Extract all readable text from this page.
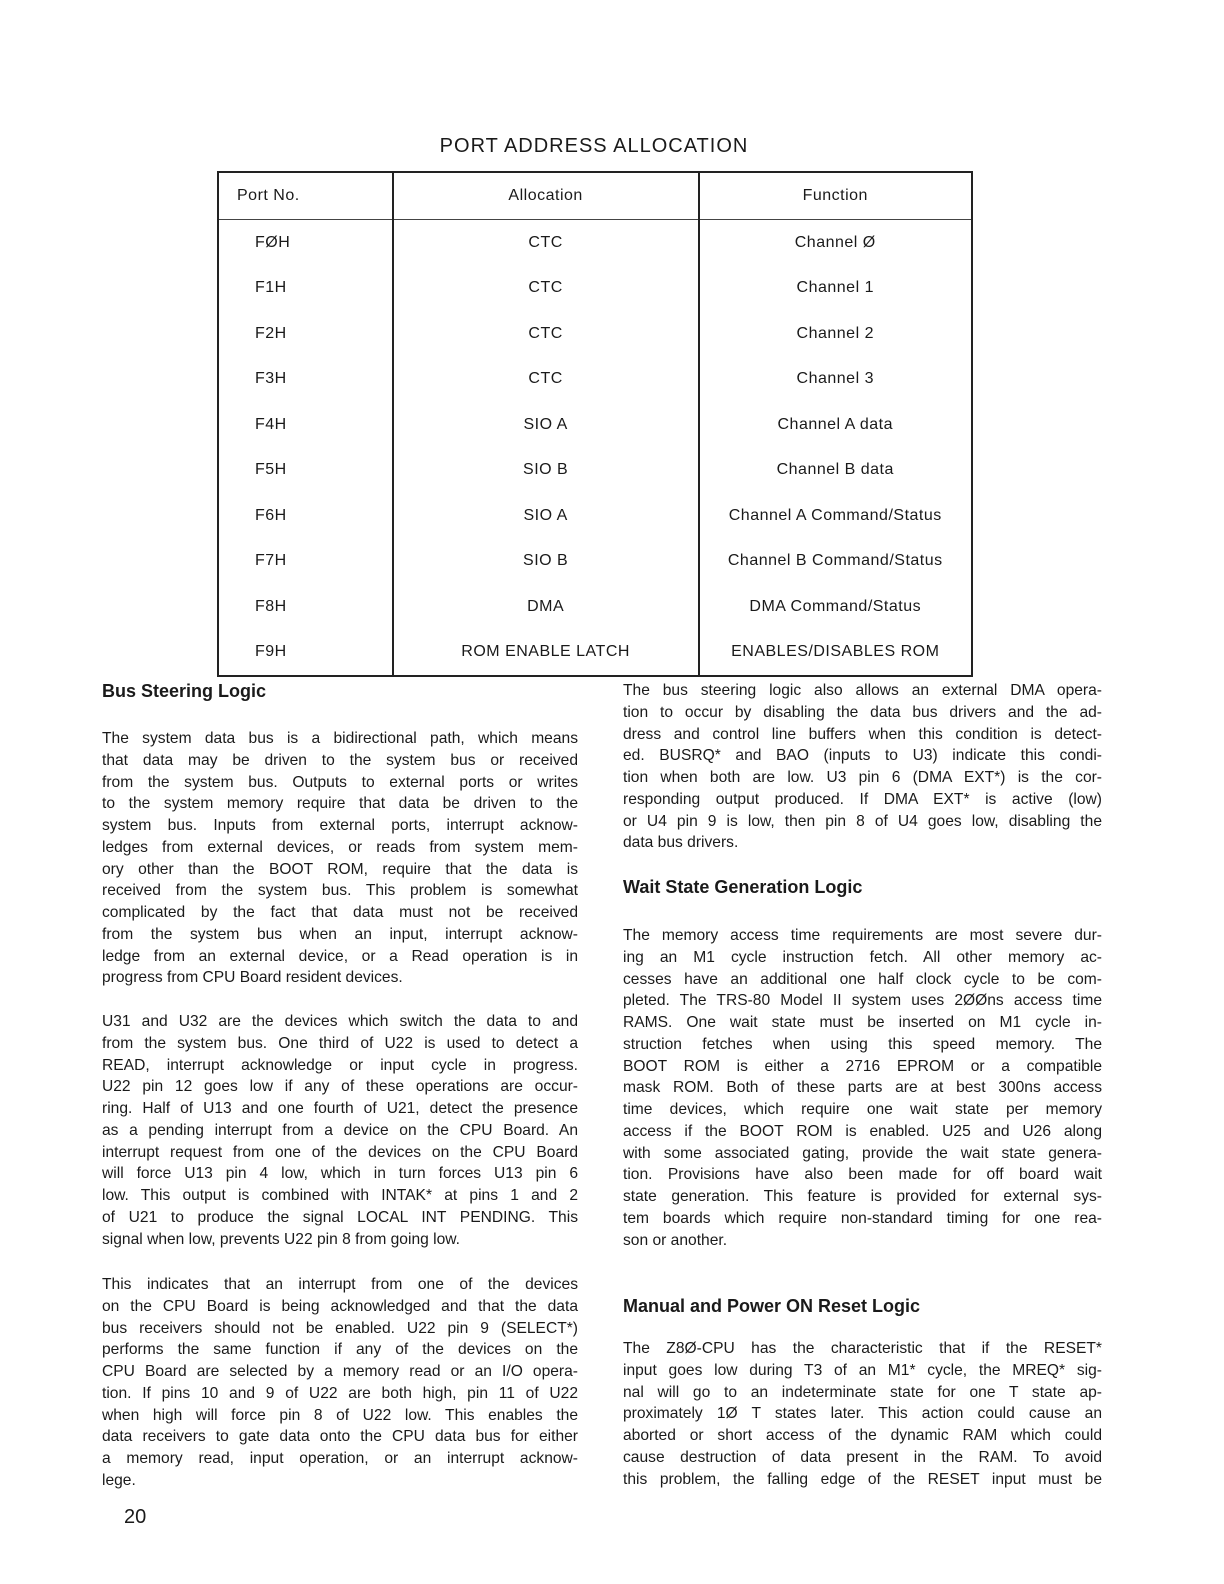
PORT ADDRESS ALLOCATION
Port No.	Allocation	Function
FØH	CTC	Channel Ø
F1H	CTC	Channel 1
F2H	CTC	Channel 2
F3H	CTC	Channel 3
F4H	SIO A	Channel A data
F5H	SIO B	Channel B data
F6H	SIO A	Channel A Command/Status
F7H	SIO B	Channel B Command/Status
F8H	DMA	DMA Command/Status
F9H	ROM ENABLE LATCH	ENABLES/DISABLES ROM
Bus Steering Logic
The system data bus is a bidirectional path, which means
that data may be driven to the system bus or received
from the system bus. Outputs to external ports or writes
to the system memory require that data be driven to the
system bus. Inputs from external ports, interrupt acknow-
ledges from external devices, or reads from system mem-
ory other than the BOOT ROM, require that the data is
received from the system bus. This problem is somewhat
complicated by the fact that data must not be received
from the system bus when an input, interrupt acknow-
ledge from an external device, or a Read operation is in
progress from CPU Board resident devices.
U31 and U32 are the devices which switch the data to and
from the system bus. One third of U22 is used to detect a
READ, interrupt acknowledge or input cycle in progress.
U22 pin 12 goes low if any of these operations are occur-
ring. Half of U13 and one fourth of U21, detect the presence
as a pending interrupt from a device on the CPU Board. An
interrupt request from one of the devices on the CPU Board
will force U13 pin 4 low, which in turn forces U13 pin 6
low. This output is combined with INTAK* at pins 1 and 2
of U21 to produce the signal LOCAL INT PENDING. This
signal when low, prevents U22 pin 8 from going low.
This indicates that an interrupt from one of the devices
on the CPU Board is being acknowledged and that the data
bus receivers should not be enabled. U22 pin 9 (SELECT*)
performs the same function if any of the devices on the
CPU Board are selected by a memory read or an I/O opera-
tion. If pins 10 and 9 of U22 are both high, pin 11 of U22
when high will force pin 8 of U22 low. This enables the
data receivers to gate data onto the CPU data bus for either
a memory read, input operation, or an interrupt acknow-
lege.
The bus steering logic also allows an external DMA opera-
tion to occur by disabling the data bus drivers and the ad-
dress and control line buffers when this condition is detect-
ed. BUSRQ* and BAO (inputs to U3) indicate this condi-
tion when both are low. U3 pin 6 (DMA EXT*) is the cor-
responding output produced. If DMA EXT* is active (low)
or U4 pin 9 is low, then pin 8 of U4 goes low, disabling the
data bus drivers.
Wait State Generation Logic
The memory access time requirements are most severe dur-
ing an M1 cycle instruction fetch. All other memory ac-
cesses have an additional one half clock cycle to be com-
pleted. The TRS-80 Model II system uses 2ØØns access time
RAMS. One wait state must be inserted on M1 cycle in-
struction fetches when using this speed memory. The
BOOT ROM is either a 2716 EPROM or a compatible
mask ROM. Both of these parts are at best 300ns access
time devices, which require one wait state per memory
access if the BOOT ROM is enabled. U25 and U26 along
with some associated gating, provide the wait state genera-
tion. Provisions have also been made for off board wait
state generation. This feature is provided for external sys-
tem boards which require non-standard timing for one rea-
son or another.
Manual and Power ON Reset Logic
The Z8Ø-CPU has the characteristic that if the RESET*
input goes low during T3 of an M1* cycle, the MREQ* sig-
nal will go to an indeterminate state for one T state ap-
proximately 1Ø T states later. This action could cause an
aborted or short access of the dynamic RAM which could
cause destruction of data present in the RAM. To avoid
this problem, the falling edge of the RESET input must be
20
